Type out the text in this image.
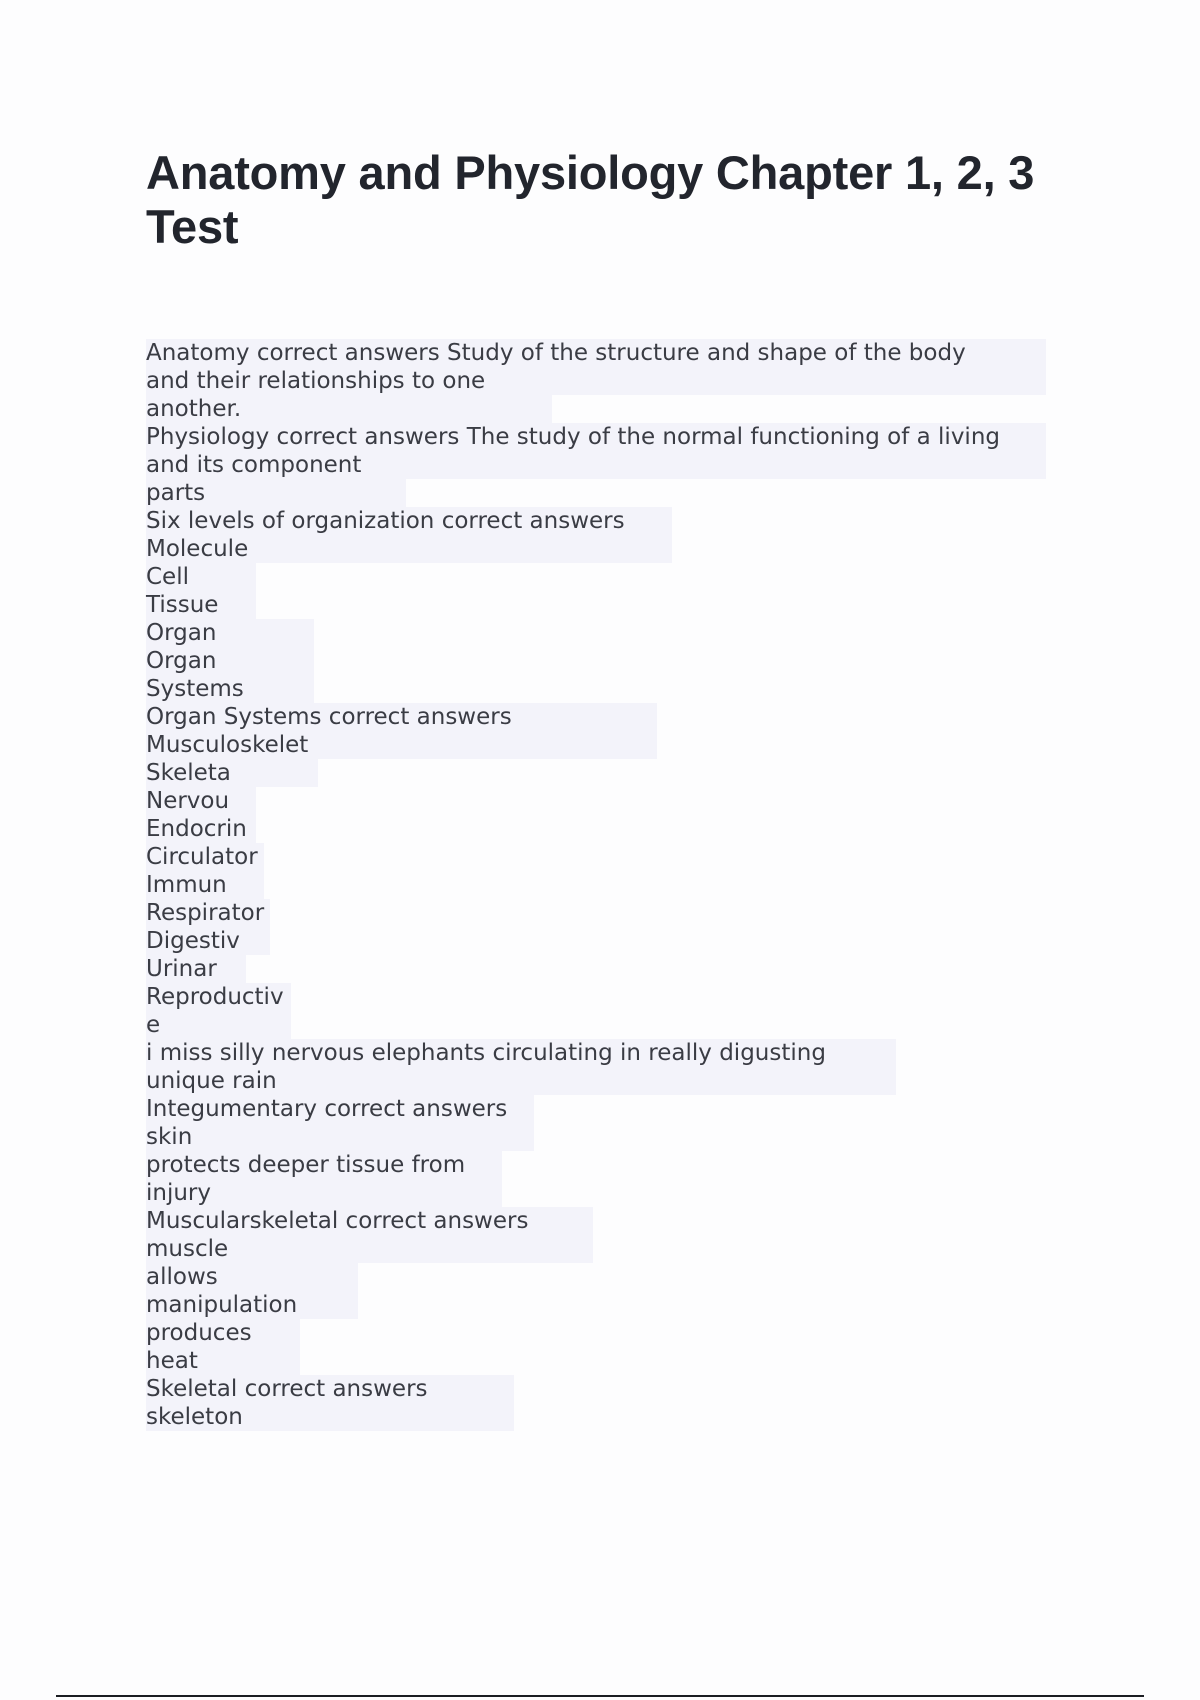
Anatomy and Physiology Chapter 1, 2, 3 Test
Anatomy correct answers Study of the structure and shape of the body
and their relationships to one
another.
Physiology correct answers The study of the normal functioning of a living
and its component
parts
Six levels of organization correct answers
Molecule
Cell
Tissue
Organ
Organ
Systems
Organ Systems correct answers
Musculoskelet
Skeleta
Nervou
Endocrin
Circulator
Immun
Respirator
Digestiv
Urinar
Reproductiv
e
i miss silly nervous elephants circulating in really digusting
unique rain
Integumentary correct answers
skin
protects deeper tissue from
injury
Muscularskeletal correct answers
muscle
allows
manipulation
produces
heat
Skeletal correct answers
skeleton
